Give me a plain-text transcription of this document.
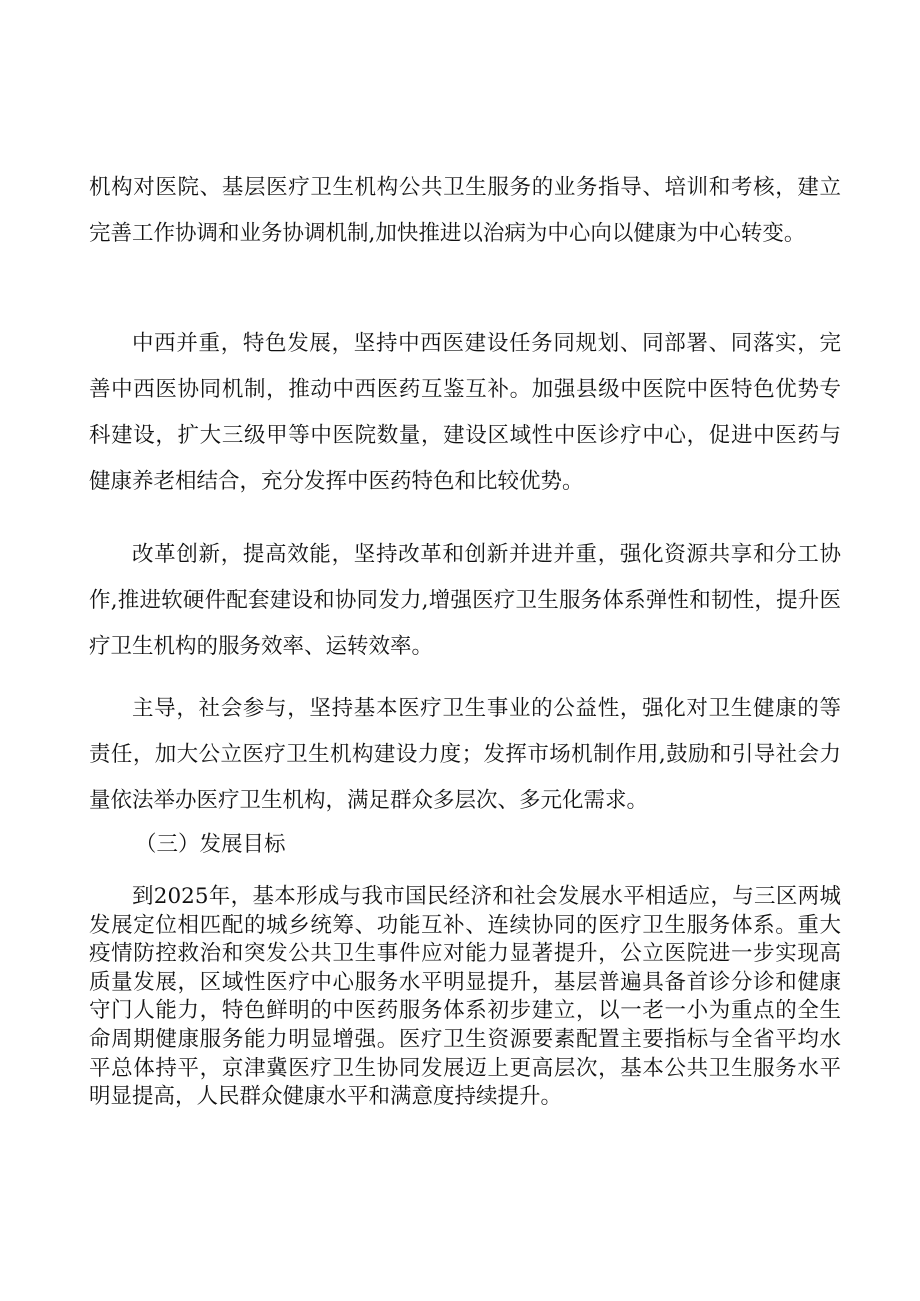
机构对医院、基层医疗卫生机构公共卫生服务的业务指导、培训和考核，建立完善工作协调和业务协调机制,加快推进以治病为中心向以健康为中心转变。

中西并重，特色发展，坚持中西医建设任务同规划、同部署、同落实，完善中西医协同机制，推动中西医药互鉴互补。加强县级中医院中医特色优势专科建设，扩大三级甲等中医院数量，建设区域性中医诊疗中心，促进中医药与健康养老相结合，充分发挥中医药特色和比较优势。

改革创新，提高效能，坚持改革和创新并进并重，强化资源共享和分工协作,推进软硬件配套建设和协同发力,增强医疗卫生服务体系弹性和韧性，提升医疗卫生机构的服务效率、运转效率。

主导，社会参与，坚持基本医疗卫生事业的公益性，强化对卫生健康的等责任，加大公立医疗卫生机构建设力度；发挥市场机制作用,鼓励和引导社会力量依法举办医疗卫生机构，满足群众多层次、多元化需求。

（三）发展目标

到2025年，基本形成与我市国民经济和社会发展水平相适应，与三区两城发展定位相匹配的城乡统筹、功能互补、连续协同的医疗卫生服务体系。重大疫情防控救治和突发公共卫生事件应对能力显著提升，公立医院进一步实现高质量发展，区域性医疗中心服务水平明显提升，基层普遍具备首诊分诊和健康守门人能力，特色鲜明的中医药服务体系初步建立，以一老一小为重点的全生命周期健康服务能力明显增强。医疗卫生资源要素配置主要指标与全省平均水平总体持平，京津冀医疗卫生协同发展迈上更高层次，基本公共卫生服务水平明显提高，人民群众健康水平和满意度持续提升。
